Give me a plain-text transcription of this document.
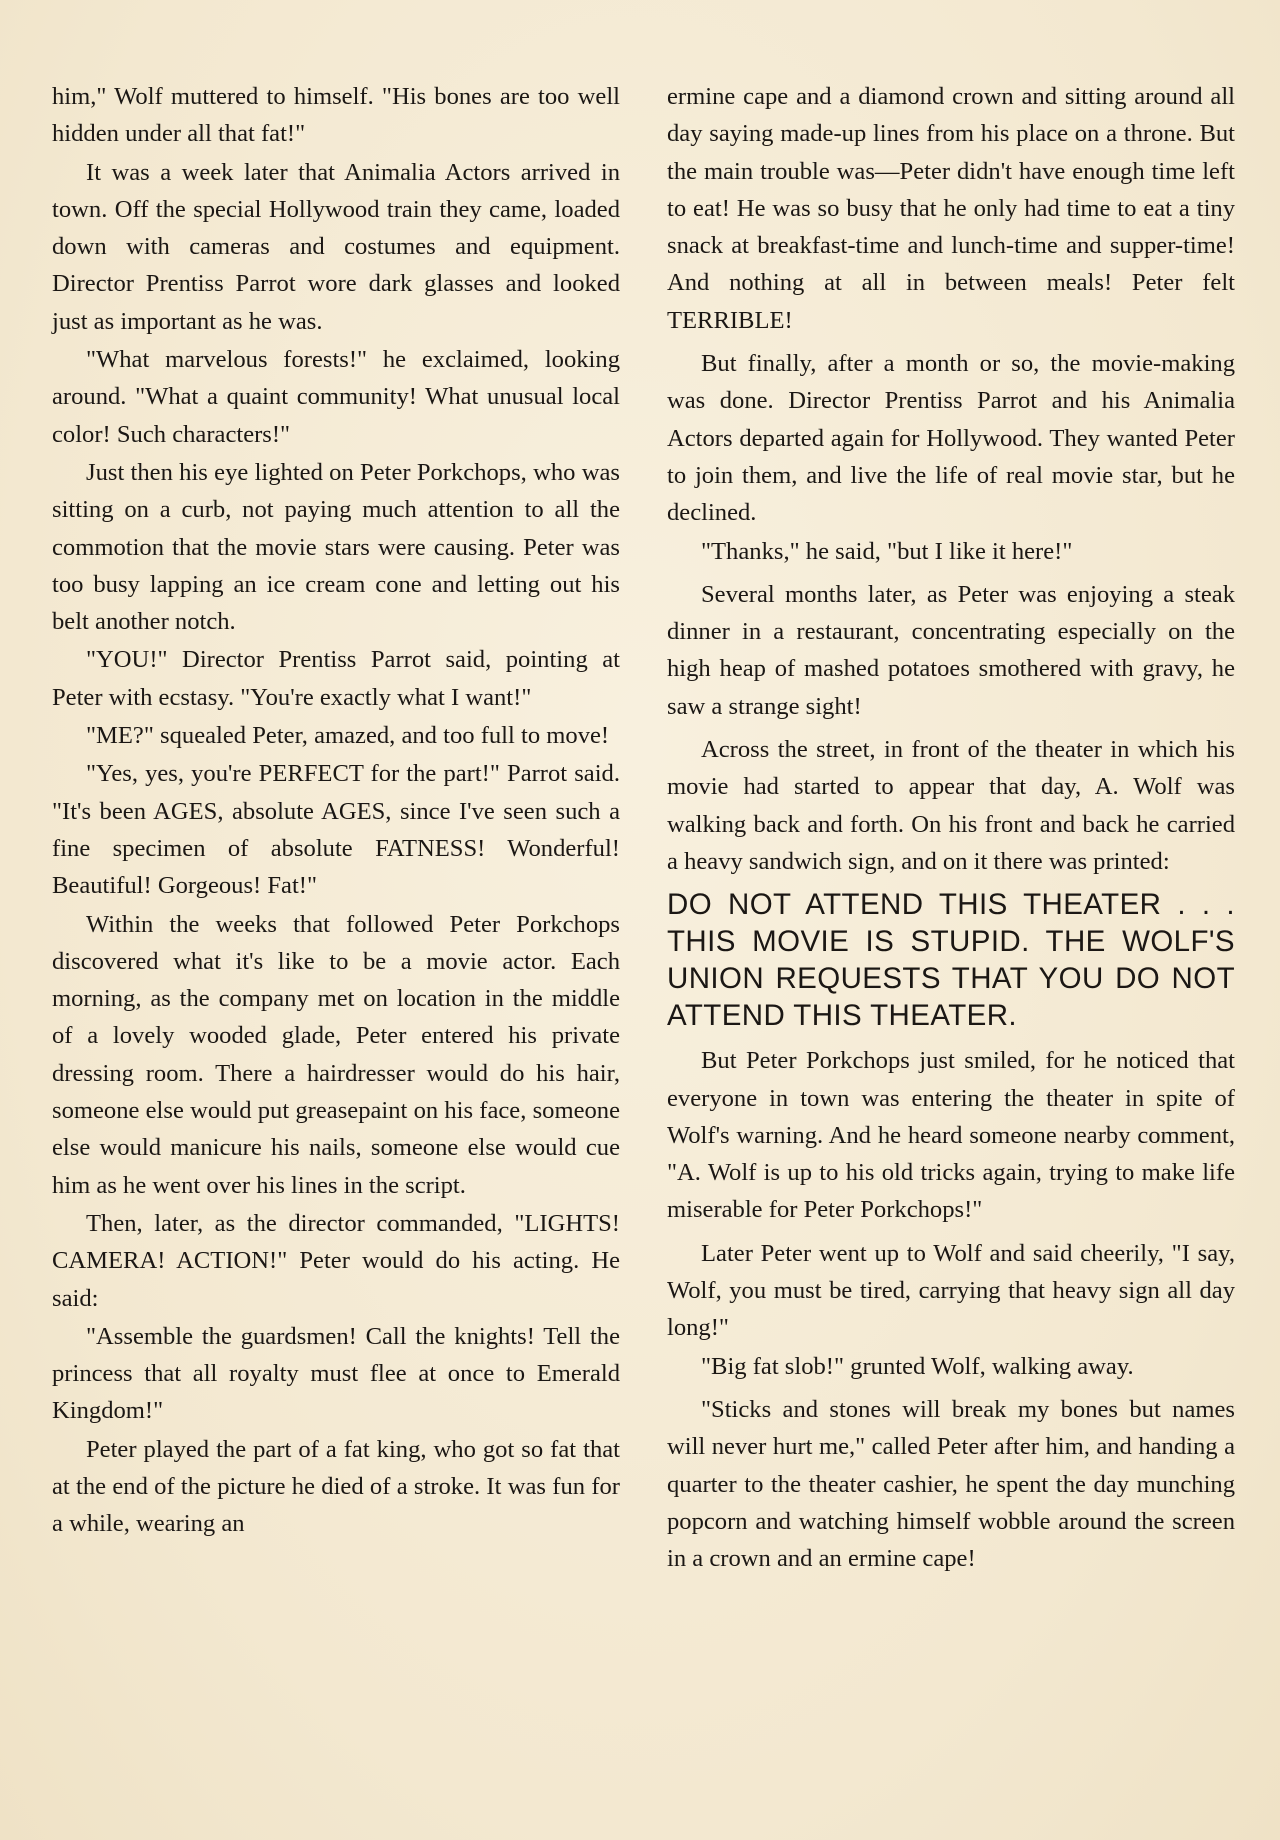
him," Wolf muttered to himself. "His bones are too well hidden under all that fat!"

It was a week later that Animalia Actors arrived in town. Off the special Hollywood train they came, loaded down with cameras and costumes and equipment. Director Prentiss Parrot wore dark glasses and looked just as important as he was.

"What marvelous forests!" he exclaimed, looking around. "What a quaint community! What unusual local color! Such characters!"

Just then his eye lighted on Peter Porkchops, who was sitting on a curb, not paying much attention to all the commotion that the movie stars were causing. Peter was too busy lapping an ice cream cone and letting out his belt another notch.

"YOU!" Director Prentiss Parrot said, pointing at Peter with ecstasy. "You're exactly what I want!"

"ME?" squealed Peter, amazed, and too full to move!

"Yes, yes, you're PERFECT for the part!" Parrot said. "It's been AGES, absolute AGES, since I've seen such a fine specimen of absolute FATNESS! Wonderful! Beautiful! Gorgeous! Fat!"

Within the weeks that followed Peter Porkchops discovered what it's like to be a movie actor. Each morning, as the company met on location in the middle of a lovely wooded glade, Peter entered his private dressing room. There a hairdresser would do his hair, someone else would put greasepaint on his face, someone else would manicure his nails, someone else would cue him as he went over his lines in the script.

Then, later, as the director commanded, "LIGHTS! CAMERA! ACTION!" Peter would do his acting. He said:

"Assemble the guardsmen! Call the knights! Tell the princess that all royalty must flee at once to Emerald Kingdom!"

Peter played the part of a fat king, who got so fat that at the end of the picture he died of a stroke. It was fun for a while, wearing an

ermine cape and a diamond crown and sitting around all day saying made-up lines from his place on a throne. But the main trouble was—Peter didn't have enough time left to eat! He was so busy that he only had time to eat a tiny snack at breakfast-time and lunch-time and supper-time! And nothing at all in between meals! Peter felt TERRIBLE!

But finally, after a month or so, the movie-making was done. Director Prentiss Parrot and his Animalia Actors departed again for Hollywood. They wanted Peter to join them, and live the life of real movie star, but he declined.

"Thanks," he said, "but I like it here!"

Several months later, as Peter was enjoying a steak dinner in a restaurant, concentrating especially on the high heap of mashed potatoes smothered with gravy, he saw a strange sight!

Across the street, in front of the theater in which his movie had started to appear that day, A. Wolf was walking back and forth. On his front and back he carried a heavy sandwich sign, and on it there was printed:

DO NOT ATTEND THIS THEATER . . . THIS MOVIE IS STUPID. THE WOLF'S UNION REQUESTS THAT YOU DO NOT ATTEND THIS THEATER.

But Peter Porkchops just smiled, for he noticed that everyone in town was entering the theater in spite of Wolf's warning. And he heard someone nearby comment, "A. Wolf is up to his old tricks again, trying to make life miserable for Peter Porkchops!"

Later Peter went up to Wolf and said cheerily, "I say, Wolf, you must be tired, carrying that heavy sign all day long!"

"Big fat slob!" grunted Wolf, walking away.

"Sticks and stones will break my bones but names will never hurt me," called Peter after him, and handing a quarter to the theater cashier, he spent the day munching popcorn and watching himself wobble around the screen in a crown and an ermine cape!
